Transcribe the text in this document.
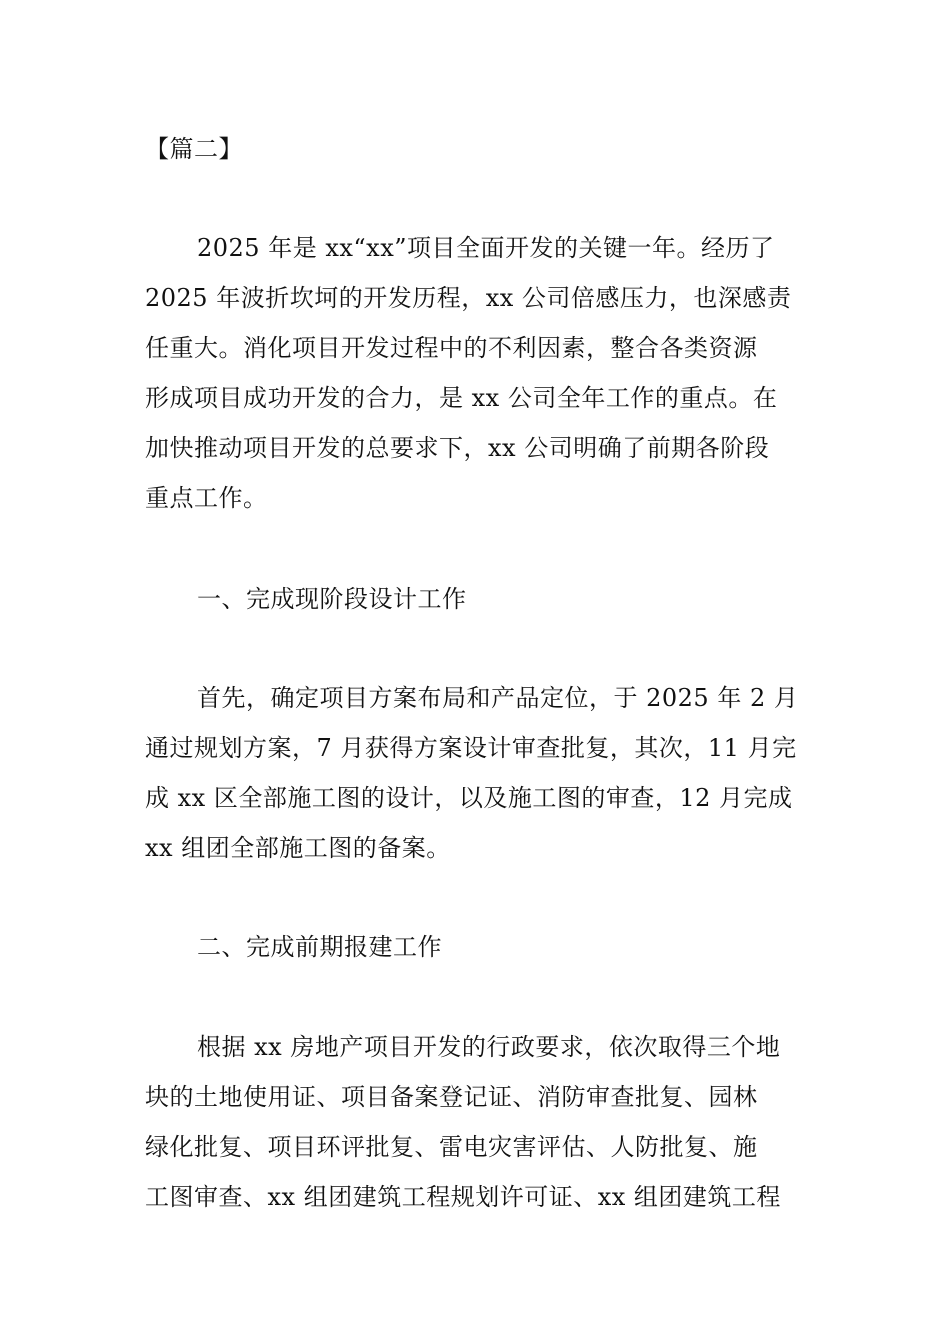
【篇二】
2025 年是 xx“xx”项目全面开发的关键一年。经历了
2025 年波折坎坷的开发历程，xx 公司倍感压力，也深感责
任重大。消化项目开发过程中的不利因素，整合各类资源
形成项目成功开发的合力，是 xx 公司全年工作的重点。在
加快推动项目开发的总要求下，xx 公司明确了前期各阶段
重点工作。
一、完成现阶段设计工作
首先，确定项目方案布局和产品定位，于 2025 年 2 月
通过规划方案，7 月获得方案设计审查批复，其次，11 月完
成 xx 区全部施工图的设计，以及施工图的审查，12 月完成
xx 组团全部施工图的备案。
二、完成前期报建工作
根据 xx 房地产项目开发的行政要求，依次取得三个地
块的土地使用证、项目备案登记证、消防审查批复、园林
绿化批复、项目环评批复、雷电灾害评估、人防批复、施
工图审查、xx 组团建筑工程规划许可证、xx 组团建筑工程
